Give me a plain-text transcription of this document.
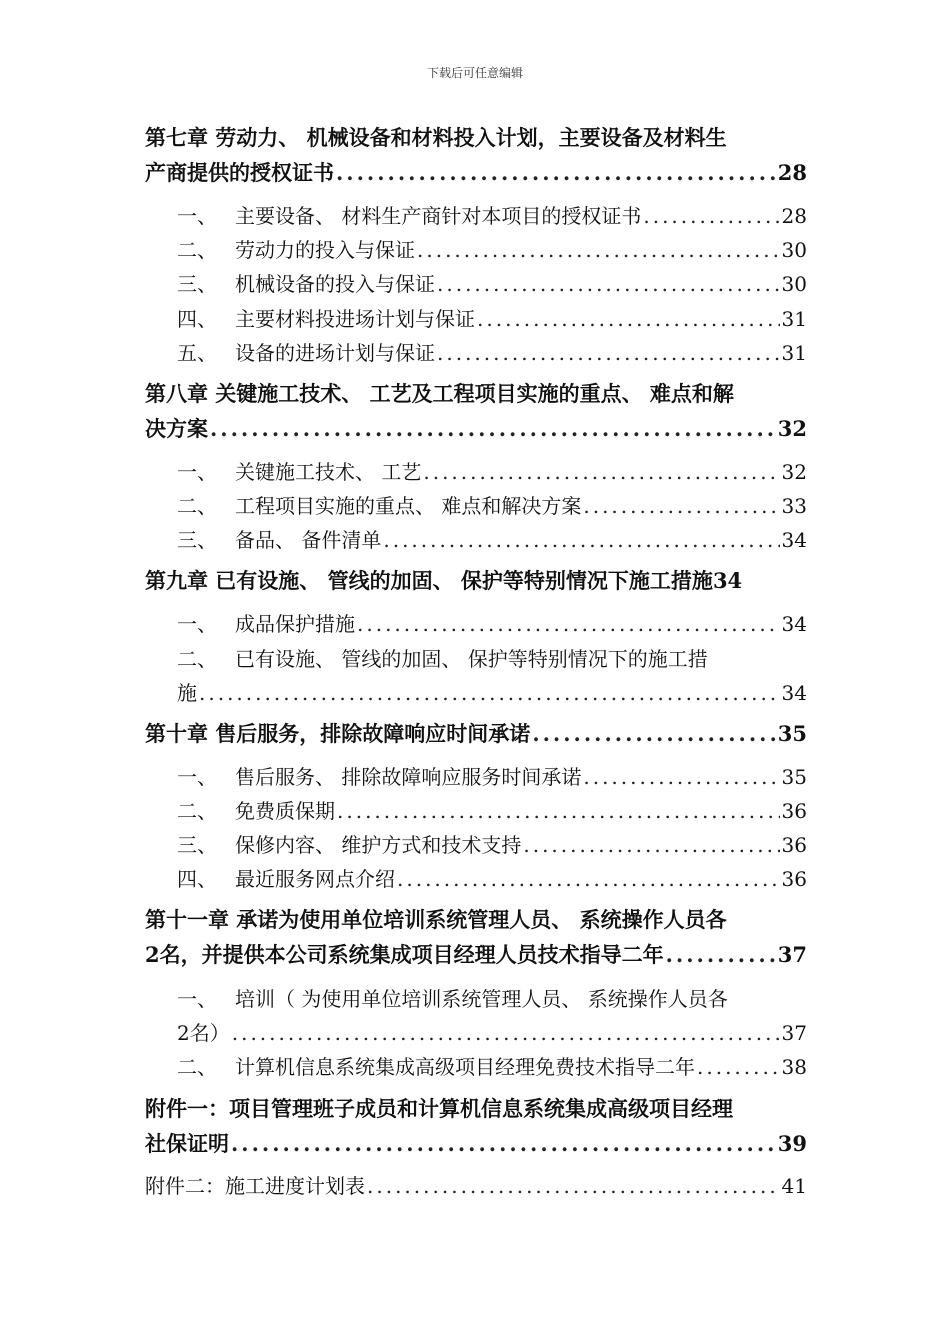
下载后可任意编辑
第七章 劳动力、 机械设备和材料投入计划，主要设备及材料生
产商提供的授权证书 .....	28
一、 主要设备、 材料生产商针对本项目的授权证书 .....	28
二、 劳动力的投入与保证 .....	30
三、 机械设备的投入与保证 .....	30
四、 主要材料投进场计划与保证 .....	31
五、 设备的进场计划与保证 .....	31
第八章 关键施工技术、 工艺及工程项目实施的重点、 难点和解
决方案 .....	32
一、 关键施工技术、 工艺 .....	32
二、 工程项目实施的重点、 难点和解决方案 .....	33
三、 备品、 备件清单 .....	34
第九章 已有设施、 管线的加固、 保护等特别情况下施工措施 34
一、 成品保护措施 .....	34
二、 已有设施、 管线的加固、 保护等特别情况下的施工措
施 .....	34
第十章 售后服务，排除故障响应时间承诺 .....	35
一、 售后服务、 排除故障响应服务时间承诺 .....	35
二、 免费质保期 .....	36
三、 保修内容、 维护方式和技术支持 .....	36
四、 最近服务网点介绍 .....	36
第十一章 承诺为使用单位培训系统管理人员、 系统操作人员各
2名，并提供本公司系统集成项目经理人员技术指导二年 .....	37
一、 培训（ 为使用单位培训系统管理人员、 系统操作人员各
2名） .....	37
二、 计算机信息系统集成高级项目经理免费技术指导二年 .....	38
附件一：项目管理班子成员和计算机信息系统集成高级项目经理
社保证明 .....	39
附件二：施工进度计划表 .....	41
